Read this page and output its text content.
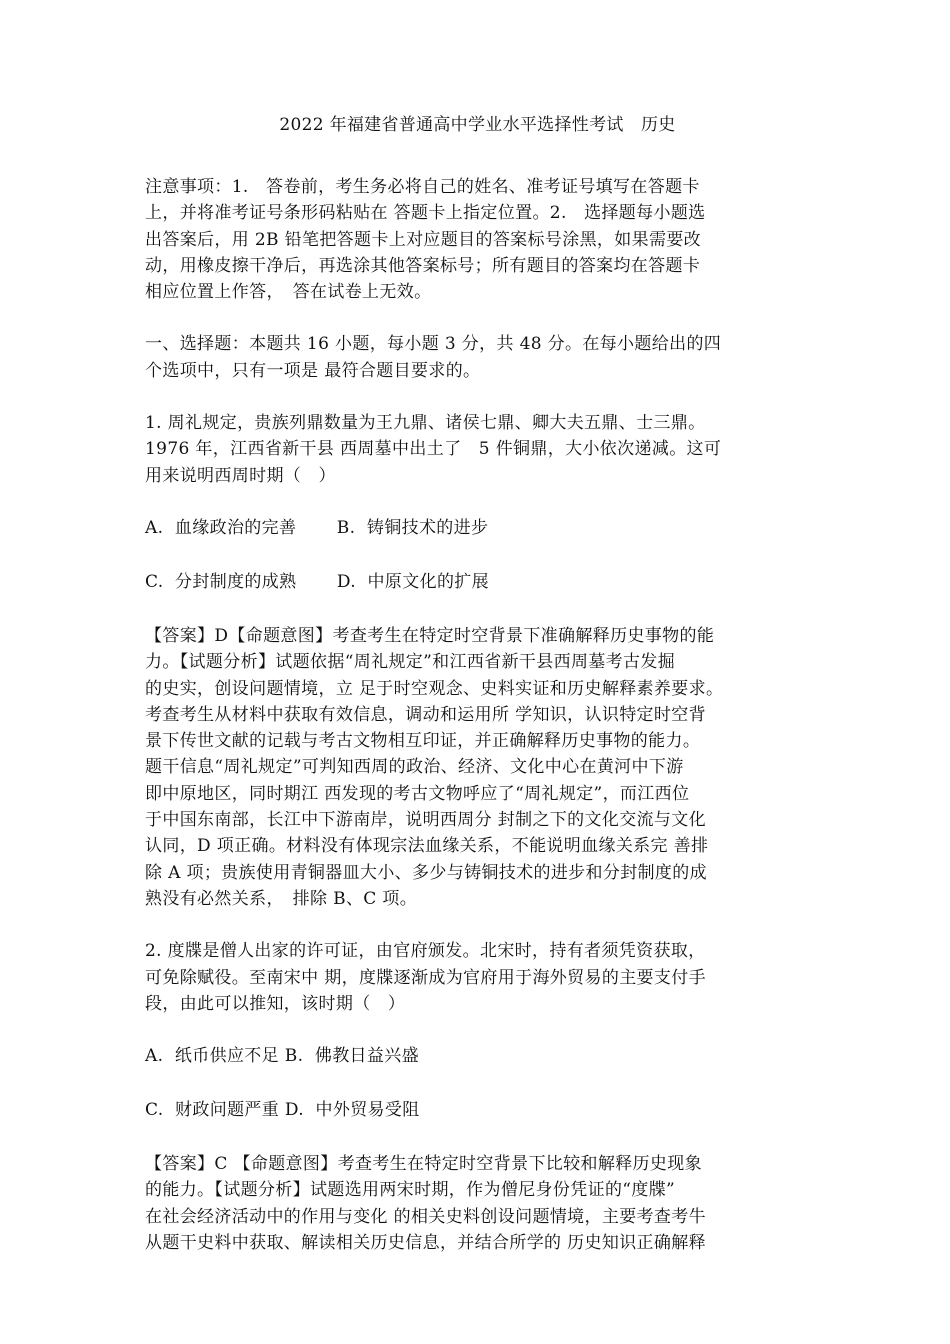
2022 年福建省普通高中学业水平选择性考试　历史
注意事项：1.　答卷前，考生务必将自己的姓名、准考证号填写在答题卡
上，并将准考证号条形码粘贴在 答题卡上指定位置。2.　选择题每小题选
出答案后，用 2B 铅笔把答题卡上对应题目的答案标号涂黑，如果需要改
动，用橡皮擦干净后，再选涂其他答案标号；所有题目的答案均在答题卡
相应位置上作答，　答在试卷上无效。
一、选择题：本题共 16 小题，每小题 3 分，共 48 分。在每小题给出的四
个选项中，只有一项是 最符合题目要求的。
1. 周礼规定，贵族列鼎数量为王九鼎、诸侯七鼎、卿大夫五鼎、士三鼎。
1976 年，江西省新干县 西周墓中出土了　5 件铜鼎，大小依次递减。这可
用来说明西周时期（　）
A.  血缘政治的完善　　 B.  铸铜技术的进步
C.  分封制度的成熟　　 D.  中原文化的扩展
【答案】D【命题意图】考查考生在特定时空背景下准确解释历史事物的能
力。【试题分析】试题依据“周礼规定”和江西省新干县西周墓考古发掘
的史实，创设问题情境，立 足于时空观念、史料实证和历史解释素养要求。
考查考生从材料中获取有效信息，调动和运用所 学知识，认识特定时空背
景下传世文献的记载与考古文物相互印证，并正确解释历史事物的能力。
题干信息“周礼规定”可判知西周的政治、经济、文化中心在黄河中下游
即中原地区，同时期江 西发现的考古文物呼应了“周礼规定”，而江西位
于中国东南部，长江中下游南岸，说明西周分 封制之下的文化交流与文化
认同，D 项正确。材料没有体现宗法血缘关系，不能说明血缘关系完 善排
除 A 项；贵族使用青铜器皿大小、多少与铸铜技术的进步和分封制度的成
熟没有必然关系，　排除 B、C 项。
2. 度牒是僧人出家的许可证，由官府颁发。北宋时，持有者须凭资获取，
可免除赋役。至南宋中 期，度牒逐渐成为官府用于海外贸易的主要支付手
段，由此可以推知，该时期（　）
A.  纸币供应不足 B.  佛教日益兴盛
C.  财政问题严重 D.  中外贸易受阻
【答案】C 【命题意图】考查考生在特定时空背景下比较和解释历史现象
的能力。【试题分析】试题选用两宋时期，作为僧尼身份凭证的“度牒”
在社会经济活动中的作用与变化 的相关史料创设问题情境，主要考查考牛
从题干史料中获取、解读相关历史信息，并结合所学的 历史知识正确解释
